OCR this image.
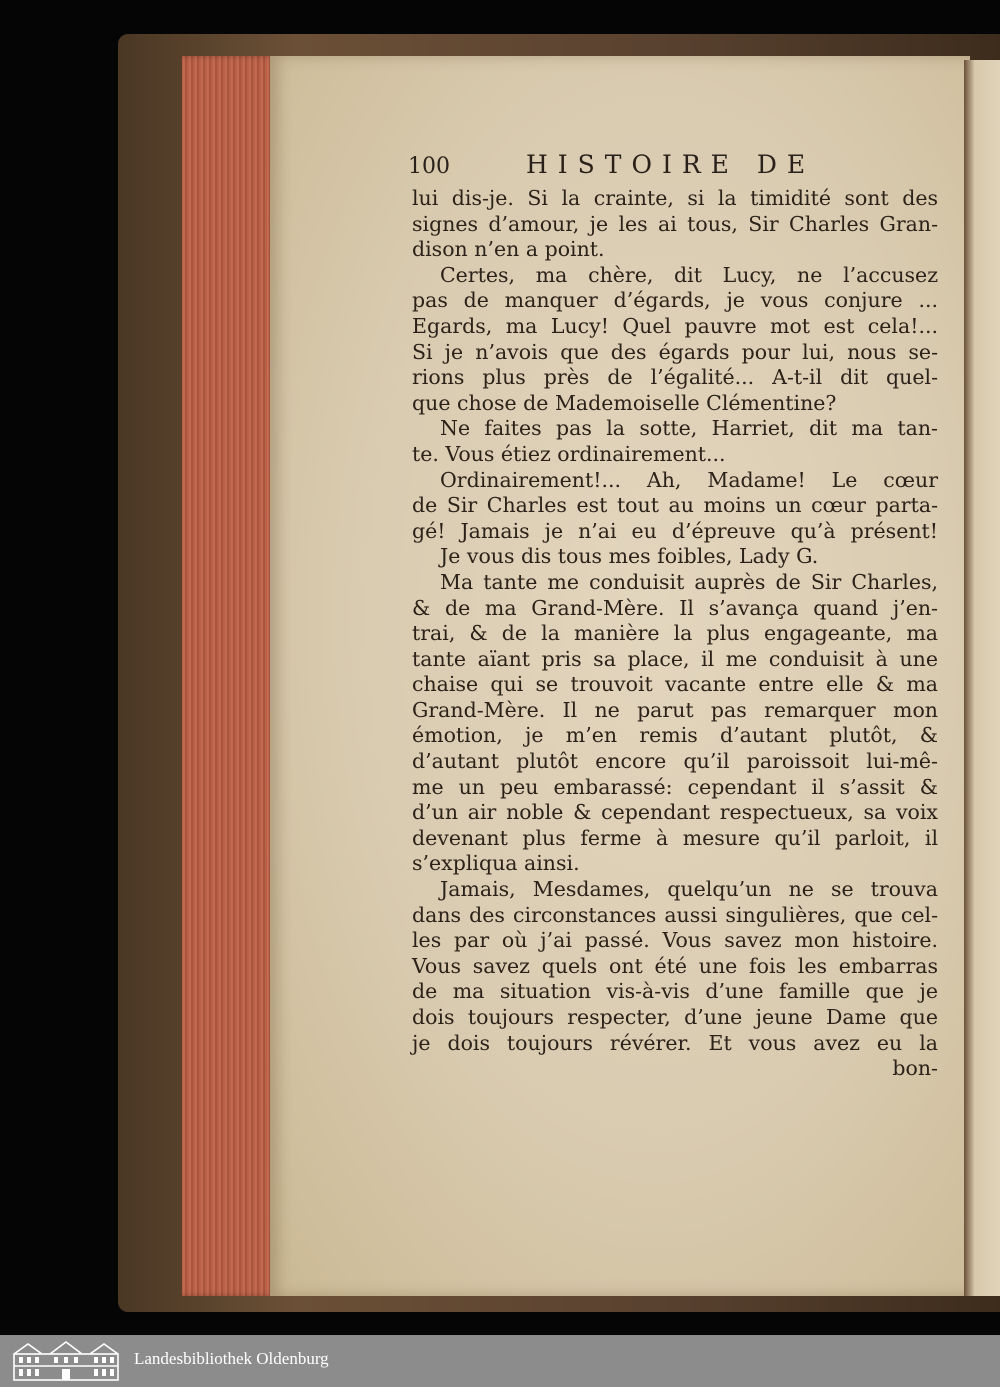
100	HISTOIRE DE
lui dis-je. Si la crainte, si la timidité sont des
signes d’amour, je les ai tous, Sir Charles Gran-
dison n’en a point.
Certes, ma chère, dit Lucy, ne l’accusez
pas de manquer d’égards, je vous conjure ...
Egards, ma Lucy! Quel pauvre mot est cela!...
Si je n’avois que des égards pour lui, nous se-
rions plus près de l’égalité... A-t-il dit quel-
que chose de Mademoiselle Clémentine?
Ne faites pas la sotte, Harriet, dit ma tan-
te. Vous étiez ordinairement...
Ordinairement!... Ah, Madame! Le cœur
de Sir Charles est tout au moins un cœur parta-
gé! Jamais je n’ai eu d’épreuve qu’à présent!
Je vous dis tous mes foibles, Lady G.
Ma tante me conduisit auprès de Sir Charles,
& de ma Grand-Mère. Il s’avança quand j’en-
trai, & de la manière la plus engageante, ma
tante aïant pris sa place, il me conduisit à une
chaise qui se trouvoit vacante entre elle & ma
Grand-Mère. Il ne parut pas remarquer mon
émotion, je m’en remis d’autant plutôt, &
d’autant plutôt encore qu’il paroissoit lui-mê-
me un peu embarassé: cependant il s’assit &
d’un air noble & cependant respectueux, sa voix
devenant plus ferme à mesure qu’il parloit, il
s’expliqua ainsi.
Jamais, Mesdames, quelqu’un ne se trouva
dans des circonstances aussi singulières, que cel-
les par où j’ai passé. Vous savez mon histoire.
Vous savez quels ont été une fois les embarras
de ma situation vis-à-vis d’une famille que je
dois toujours respecter, d’une jeune Dame que
je dois toujours révérer. Et vous avez eu la
bon-
Landesbibliothek Oldenburg
